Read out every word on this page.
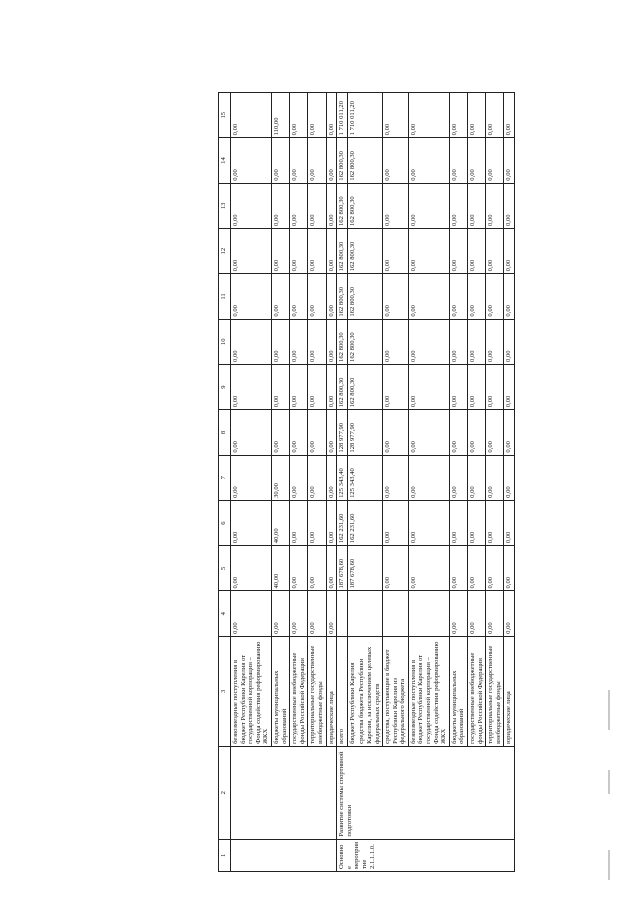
1	2	3	4	5	6	7	8	9	10	11	12	13	14	15
		безвозмездные поступления в бюджет Республики Карелия от государственной корпорации – Фонда содействия реформированию ЖКХ	0,00	0,00	0,00	0,00	0,00	0,00	0,00	0,00	0,00	0,00	0,00	0,00
		бюджеты муниципальных образований	0,00	40,00	40,00	30,00	0,00	0,00	0,00	0,00	0,00	0,00	0,00	110,00
		государственные внебюджетные фонды Российской Федерации	0,00	0,00	0,00	0,00	0,00	0,00	0,00	0,00	0,00	0,00	0,00	0,00
		территориальные государственные внебюджетные фонды	0,00	0,00	0,00	0,00	0,00	0,00	0,00	0,00	0,00	0,00	0,00	0,00
		юридические лица	0,00	0,00	0,00	0,00	0,00	0,00	0,00	0,00	0,00	0,00	0,00	0,00
Основное мероприятие 2.1.1.1.0.	Развитие системы спортивной подготовки	всего		187 678,60	162 231,60	125 343,40	128 977,90	162 800,30	162 800,30	162 800,30	162 800,30	162 800,30	162 800,30	1 710 011,20

		бюджет Республики Карелия средства бюджета Республики Карелия, за исключением целевых федеральных средств		187 678,60	162 231,60	125 343,40	128 977,90	162 800,30	162 800,30	162 800,30	162 800,30	162 800,30	162 800,30	1 710 011,20

		средства, поступающие в бюджет Республики Карелия из федерального бюджета		0,00	0,00	0,00	0,00	0,00	0,00	0,00	0,00	0,00	0,00	0,00

		безвозмездные поступления в бюджет Республики Карелия от государственной корпорации – Фонда содействия реформированию ЖКХ		0,00	0,00	0,00	0,00	0,00	0,00	0,00	0,00	0,00	0,00	0,00
		бюджеты муниципальных образований	0,00	0,00	0,00	0,00	0,00	0,00	0,00	0,00	0,00	0,00	0,00	0,00
		государственные внебюджетные фонды Российской Федерации	0,00	0,00	0,00	0,00	0,00	0,00	0,00	0,00	0,00	0,00	0,00	0,00
		территориальные государственные внебюджетные фонды	0,00	0,00	0,00	0,00	0,00	0,00	0,00	0,00	0,00	0,00	0,00	0,00
		юридические лица	0,00	0,00	0,00	0,00	0,00	0,00	0,00	0,00	0,00	0,00	0,00	0,00
